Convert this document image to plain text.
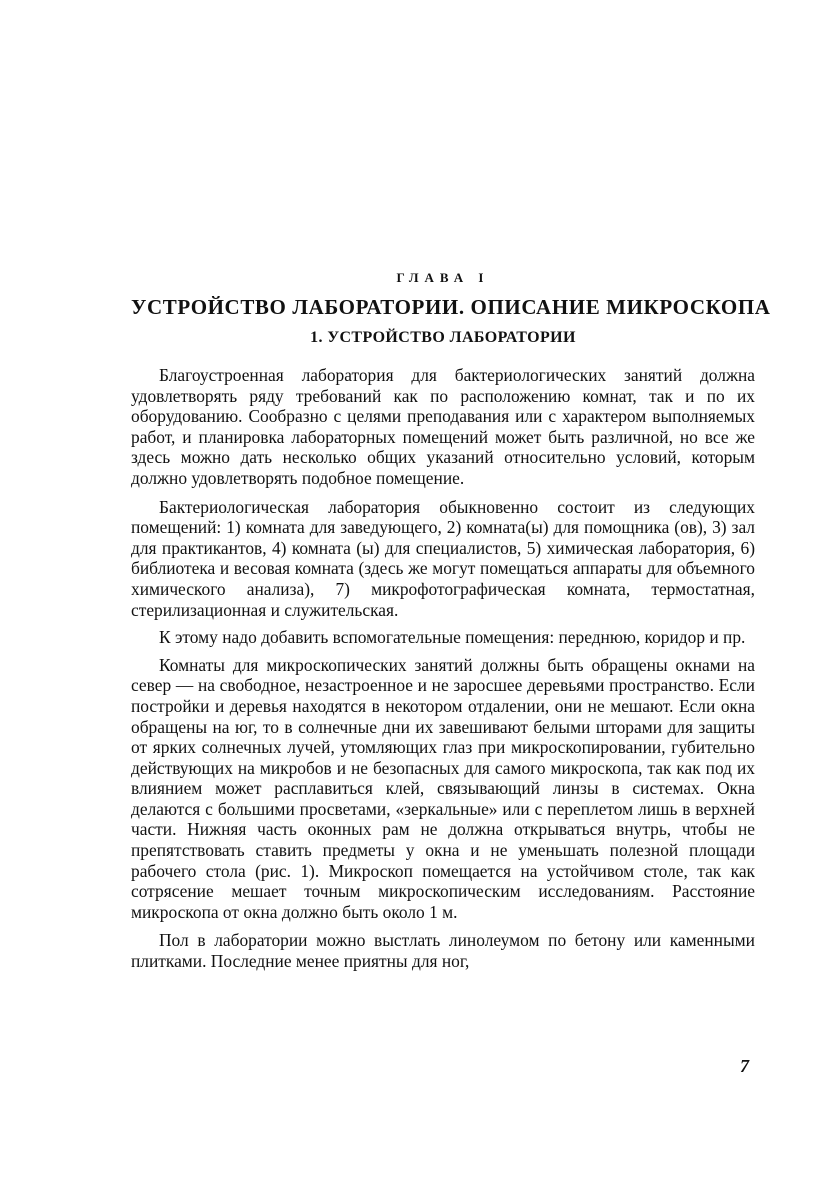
ГЛАВА I
УСТРОЙСТВО ЛАБОРАТОРИИ. ОПИСАНИЕ МИКРОСКОПА
1. УСТРОЙСТВО ЛАБОРАТОРИИ

Благоустроенная лаборатория для бактериологических занятий должна удовлетворять ряду требований как по расположению комнат, так и по их оборудованию. Сообразно с целями преподавания или с характером выполняемых работ, и планировка лабораторных помещений может быть различной, но все же здесь можно дать несколько общих указаний относительно условий, которым должно удовлетворять подобное помещение.

Бактериологическая лаборатория обыкновенно состоит из следующих помещений: 1) комната для заведующего, 2) комната(ы) для помощника (ов), 3) зал для практикантов, 4) комната (ы) для специалистов, 5) химическая лаборатория, 6) библиотека и весовая комната (здесь же могут помещаться аппараты для объемного химического анализа), 7) микрофотографическая комната, термостатная, стерилизационная и служительская.

К этому надо добавить вспомогательные помещения: переднюю, коридор и пр.

Комнаты для микроскопических занятий должны быть обращены окнами на север — на свободное, незастроенное и не заросшее деревьями пространство. Если постройки и деревья находятся в некотором отдалении, они не мешают. Если окна обращены на юг, то в солнечные дни их завешивают белыми шторами для защиты от ярких солнечных лучей, утомляющих глаз при микроскопировании, губительно действующих на микробов и не безопасных для самого микроскопа, так как под их влиянием может расплавиться клей, связывающий линзы в системах. Окна делаются с большими просветами, «зеркальные» или с переплетом лишь в верхней части. Нижняя часть оконных рам не должна открываться внутрь, чтобы не препятствовать ставить предметы у окна и не уменьшать полезной площади рабочего стола (рис. 1). Микроскоп помещается на устойчивом столе, так как сотрясение мешает точным микроскопическим исследованиям. Расстояние микроскопа от окна должно быть около 1 м.

Пол в лаборатории можно выстлать линолеумом по бетону или каменными плитками. Последние менее приятны для ног,

7
